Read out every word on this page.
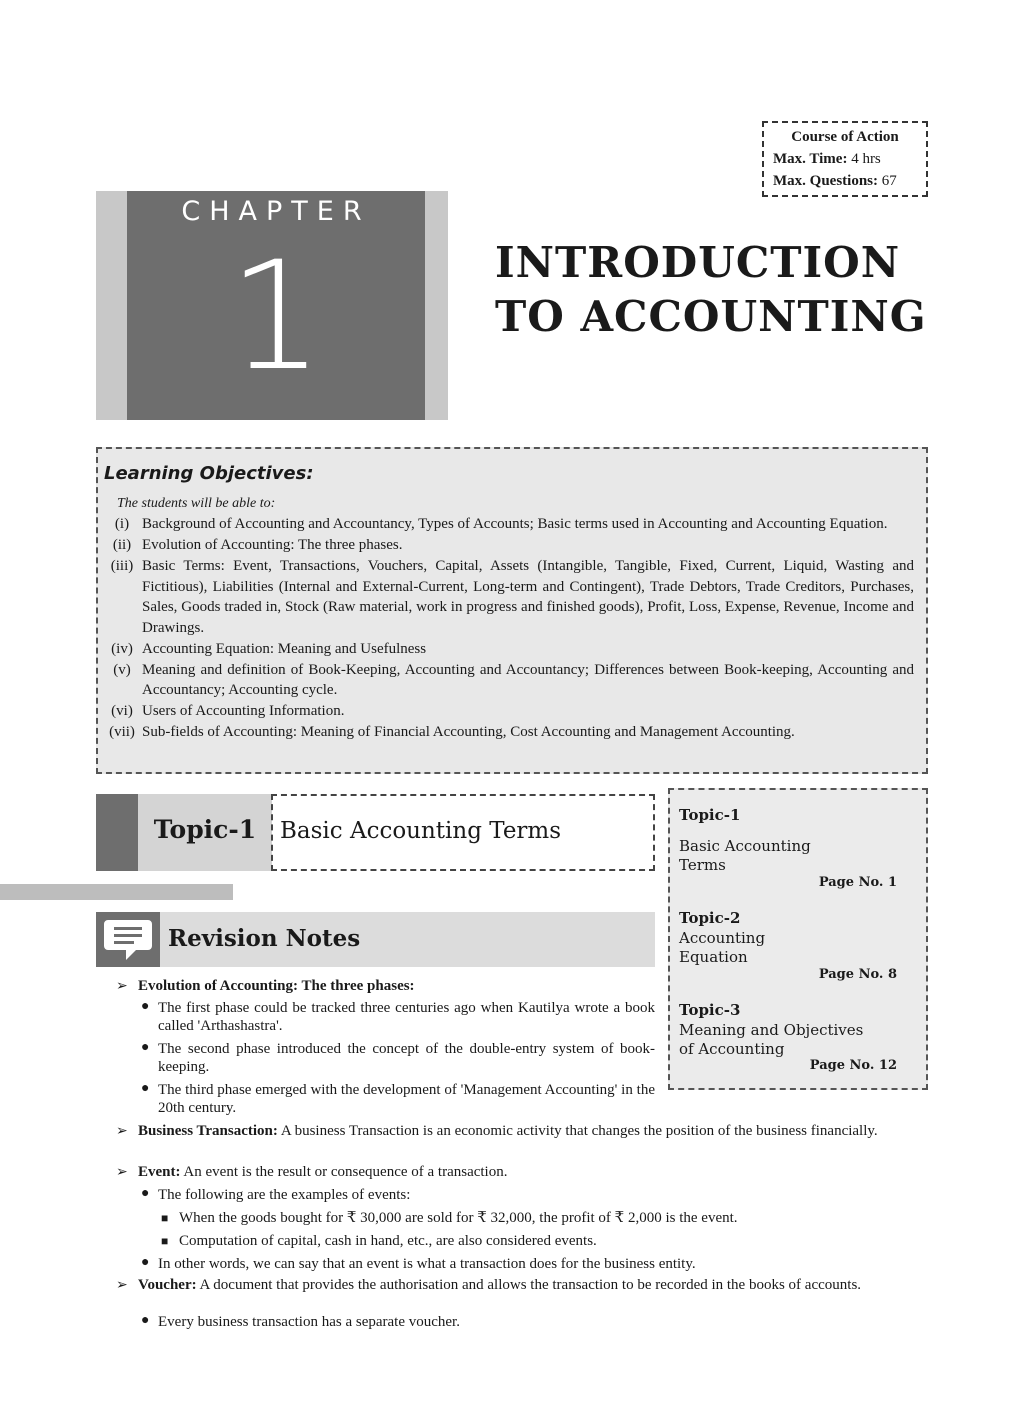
Course of Action
Max. Time: 4 hrs
Max. Questions: 67
CHAPTER
1	INTRODUCTION
TO ACCOUNTING
Learning Objectives:
The students will be able to:
(i) Background of Accounting and Accountancy, Types of Accounts; Basic terms used in Accounting and Accounting Equation.
(ii) Evolution of Accounting: The three phases.
(iii) Basic Terms: Event, Transactions, Vouchers, Capital, Assets (Intangible, Tangible, Fixed, Current, Liquid, Wasting and Fictitious), Liabilities (Internal and External-Current, Long-term and Contingent), Trade Debtors, Trade Creditors, Purchases, Sales, Goods traded in, Stock (Raw material, work in progress and finished goods), Profit, Loss, Expense, Revenue, Income and Drawings.
(iv) Accounting Equation: Meaning and Usefulness
(v) Meaning and definition of Book-Keeping, Accounting and Accountancy; Differences between Book-keeping, Accounting and Accountancy; Accounting cycle.
(vi) Users of Accounting Information.
(vii) Sub-fields of Accounting: Meaning of Financial Accounting, Cost Accounting and Management Accounting.
Topic-1	Basic Accounting Terms
Topic-1
Basic Accounting
Terms
Page No. 1
Topic-2
Accounting
Equation
Page No. 8
Topic-3
Meaning and Objectives
of Accounting
Page No. 12
Revision Notes
➢ Evolution of Accounting: The three phases:
● The first phase could be tracked three centuries ago when Kautilya wrote a book called 'Arthashastra'.
● The second phase introduced the concept of the double-entry system of book-keeping.
● The third phase emerged with the development of 'Management Accounting' in the 20th century.
➢ Business Transaction: A business Transaction is an economic activity that changes the position of the business financially.
➢ Event: An event is the result or consequence of a transaction.
● The following are the examples of events:
■ When the goods bought for ₹ 30,000 are sold for ₹ 32,000, the profit of ₹ 2,000 is the event.
■ Computation of capital, cash in hand, etc., are also considered events.
● In other words, we can say that an event is what a transaction does for the business entity.
➢ Voucher: A document that provides the authorisation and allows the transaction to be recorded in the books of accounts.
● Every business transaction has a separate voucher.
